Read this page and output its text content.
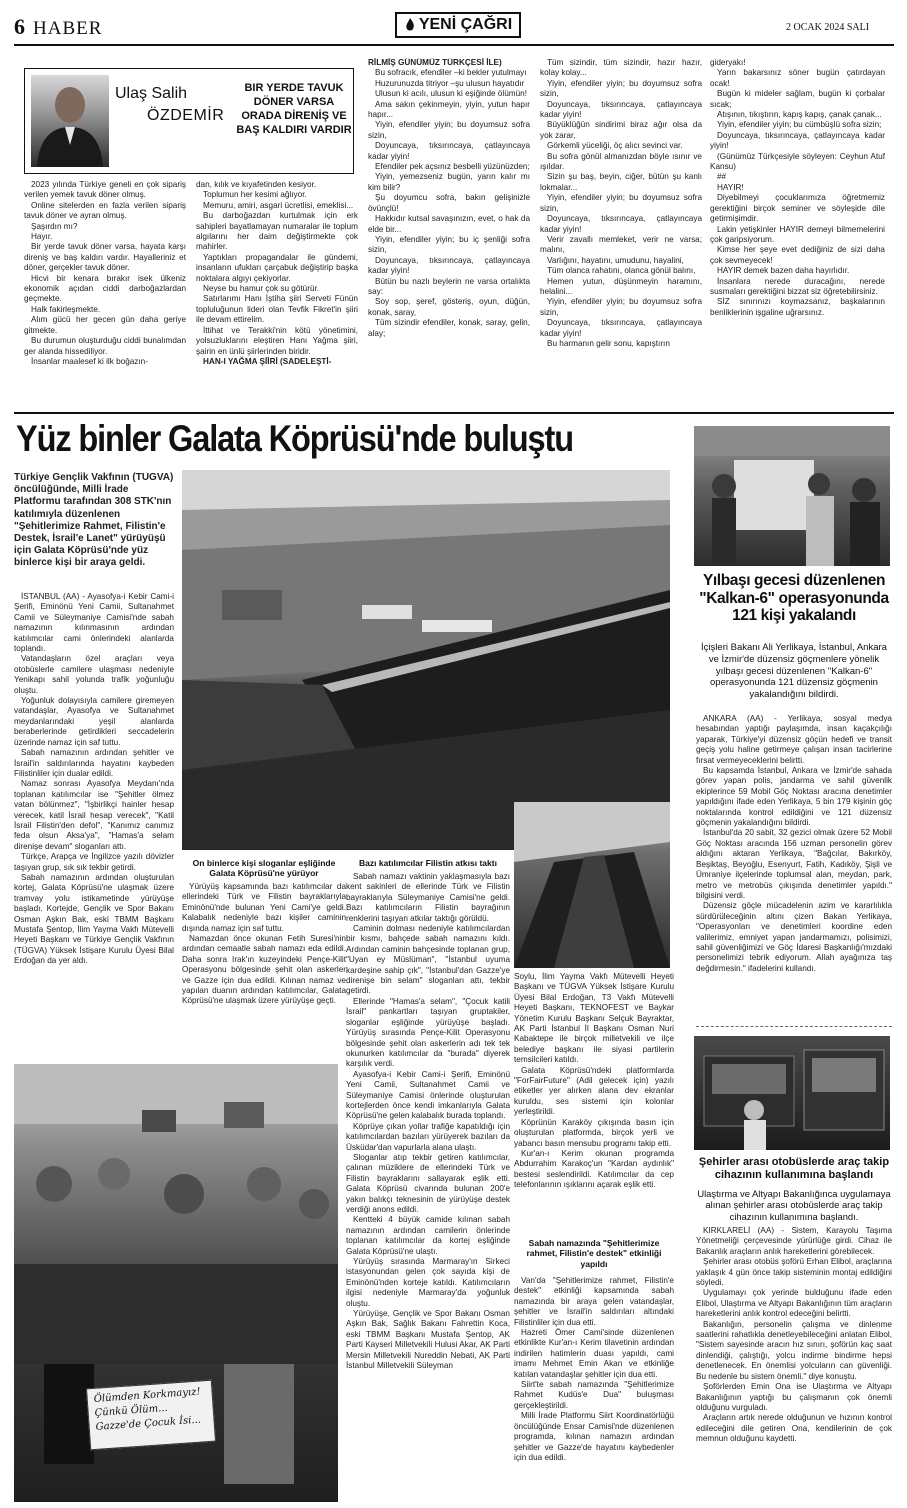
6 HABER	YENİ ÇAĞRI	2 OCAK 2024 SALI
Ulaş Salih
ÖZDEMİR
BIR YERDE TAVUK DÖNER VARSA ORADA DİRENİŞ VE BAŞ KALDIRI VARDIR

2023 yılında Türkiye geneli en çok sipariş verilen yemek tavuk döner olmuş.

Online sitelerden en fazla verilen sipariş tavuk döner ve ayran olmuş.

Şaşırdın mı?

Hayır.

Bir yerde tavuk döner varsa, hayata karşı direniş ve baş kaldırı vardır. Hayalleriniz et döner, gerçekler tavuk döner.

Hicvi bir kenara bırakır isek ülkeniz ekonomik açıdan ciddi darboğazlardan geçmekte.

Halk fakirleşmekte.

Alım gücü her gecen gün daha geriye gitmekte.

Bu durumun oluşturduğu ciddi bunalımdan ger alanda hissediliyor.

İnsanlar maalesef ki ilk boğazın-

dan, kılık ve kıyafetinden kesiyor.

Toplumun her kesimi ağlıyor.

Memuru, amiri, asgari ücretlisi, emeklisi...

Bu darboğazdan kurtulmak için erk sahipleri bayatlamayan numaralar ile toplum algılarını her daim değiştirmekte çok mahirler.

Yaptıkları propagandalar ile gündemi, insanların ufukları çarçabuk değiştirip başka noktalara algıyı çekiyorlar.

Neyse bu hamur çok su götürür.

Satırlarımı Hanı İştiha şiiri Serveti Fünün topluluğunun lideri olan Tevfik Fikret'in şiiri ile devam ettirelim.

İttihat ve Terakki'nin kötü yönetimini, yolsuzluklarını eleştiren Hanı Yağma şiiri, şairin en ünlü şiirlerinden biridir.

HAN-I YAĞMA ŞİİRİ (SADELEŞTİ-

RİLMİŞ GÜNÜMÜZ TÜRKÇESİ İLE)

Bu sofracık, efendiler –ki bekler yutulmayı

Huzurunuzda titriyor –şu ulusun hayatıdır

Ulusun ki acılı, ulusun ki eşiğinde ölümün!

Ama sakın çekinmeyin, yiyin, yutun hapır hapır...

Yiyin, efendiler yiyin; bu doyumsuz sofra sizin,

Doyuncaya, tıksırıncaya, çatlayıncaya kadar yiyin!

Efendiler pek açsınız besbelli yüzünüzden;

Yiyin, yemezseniz bugün, yarın kalır mı kim bilir?

Şu doyumcu sofra, bakın gelişinizle övünçlü!

Hakkıdır kutsal savaşınızın, evet, o hak da elde bir...

Yiyin, efendiler yiyin; bu iç şenliği sofra sizin,

Doyuncaya, tıksırıncaya, çatlayıncaya kadar yiyin!

Bütün bu nazlı beylerin ne varsa ortalıkta say:

Soy sop, şeref, gösteriş, oyun, düğün, konak, saray,

Tüm sizindir efendiler, konak, saray, gelin, alay;

Tüm sizindir, tüm sizindir, hazır hazır, kolay kolay...

Yiyin, efendiler yiyin; bu doyumsuz sofra sizin,

Doyuncaya, tıksırıncaya, çatlayıncaya kadar yiyin!

Büyüklüğün sindirimi biraz ağır olsa da yok zarar,

Görkemli yüceliği, öç alıcı sevinci var.

Bu sofra gönül almanızdan böyle ısınır ve ışıldar.

Sizin şu baş, beyin, ciğer, bütün şu kanlı lokmalar...

Yiyin, efendiler yiyin; bu doyumsuz sofra sizin,

Doyuncaya, tıksırıncaya, çatlayıncaya kadar yiyin!

Verir zavallı memleket, verir ne varsa; malını,

Varlığını, hayatını, umudunu, hayalini,

Tüm olanca rahatını, olanca gönül balını,

Hemen yutun, düşünmeyin haramını, helalini...

Yiyin, efendiler yiyin; bu doyumsuz sofra sizin,

Doyuncaya, tıksırıncaya, çatlayıncaya kadar yiyin!

Bu harmanın gelir sonu, kapıştırın

gideryakı!

Yarın bakarsınız söner bugün çatırdayan ocak!

Bugün ki mideler sağlam, bugün ki çorbalar sıcak;

Atışının, tıkıştırın, kapış kapış, çanak çanak...

Yiyin, efendiler yiyin; bu cümbüşlü sofra sizin;

Doyuncaya, tıksırıncaya, çatlayıncaya kadar yiyin!

(Günümüz Türkçesiyle söyleyen: Ceyhun Atuf Kansu)

##

HAYIR!

Diyebilmeyi çocuklarımıza öğretmemiz gerektiğini birçok seminer ve söyleşide dile getirmişimdir.

Lakin yetişkinler HAYIR demeyi bilmemelerini çok garipsiyorum.

Kimse her şeye evet dediğiniz de sizi daha çok sevmeyecek!

HAYIR demek bazen daha hayırlıdır.

İnsanlara nerede duracağını, nerede susmaları gerektiğini bizzat siz öğretebilirsiniz.

SİZ sınırınızı koymazsanız, başkalarının benliklerinin işgaline uğrarsınız.

Yüz binler Galata Köprüsü'nde buluştu
Türkiye Gençlik Vakfının (TÜGVA) öncülüğünde, Milli İrade Platformu tarafından 308 STK'nın katılımıyla düzenlenen "Şehitlerimize Rahmet, Filistin'e Destek, İsrail'e Lanet" yürüyüşü için Galata Köprüsü'nde yüz binlerce kişi bir araya geldi.

İSTANBUL (AA) - Ayasofya-i Kebir Cami-i Şerifi, Eminönü Yeni Camii, Sultanahmet Camii ve Süleymaniye Camisi'nde sabah namazının kılınmasının ardından katılımcılar cami önlerindeki alanlarda toplandı.

Vatandaşların özel araçları veya otobüslerle camilere ulaşması nedeniyle Yenikapı sahil yolunda trafik yoğunluğu oluştu.

Yoğunluk dolayısıyla camilere giremeyen vatandaşlar, Ayasofya ve Sultanahmet meydanlarındaki yeşil alanlarda beraberlerinde getirdikleri seccadelerin üzerinde namaz için saf tuttu.

Sabah namazının ardından şehitler ve İsrail'in saldırılarında hayatını kaybeden Filistinliler için dualar edildi.

Namaz sonrası Ayasofya Meydanı'nda toplanan katılımcılar ise "Şehitler ölmez vatan bölünmez", "İşbirlikçi hainler hesap verecek, katil İsrail hesap verecek", "Katil İsrail Filistin'den defol", "Kanımız canımız feda olsun Aksa'ya", "Hamas'a selam direnişe devam" sloganları attı.

Türkçe, Arapça ve İngilizce yazılı dövizler taşıyan grup, sık sık tekbir getirdi.

Sabah namazının ardından oluşturulan kortej, Galata Köprüsü'ne ulaşmak üzere tramvay yolu istikametinde yürüyüşe başladı. Kortejde, Gençlik ve Spor Bakanı Osman Aşkın Bak, eski TBMM Başkanı Mustafa Şentop, İlim Yayma Vakfı Mütevelli Heyeti Başkanı ve Türkiye Gençlik Vakfının (TÜGVA) Yüksek İstişare Kurulu Üyesi Bilal Erdoğan da yer aldı.

On binlerce kişi sloganlar eşliğinde Galata Köprüsü'ne yürüyor

Yürüyüş kapsamında bazı katılımcılar da ellerindeki Türk ve Filistin bayraklarıyla Eminönü'nde bulunan Yeni Cami'ye geldi. Kalabalık nedeniyle bazı kişiler caminin dışında namaz için saf tuttu.

Namazdan önce okunan Fetih Suresi'nin ardından cemaatle sabah namazı eda edildi. Daha sonra Irak'ın kuzeyindeki Pençe-Kilit Operasyonu bölgesinde şehit olan askerler ve Gazze için dua edildi. Kılınan namaz ve yapılan duanın ardından katılımcılar, Galata Köprüsü'ne ulaşmak üzere yürüyüşe geçti.

Bazı katılımcılar Filistin atkısı taktı

Sabah namazı vaktinin yaklaşmasıyla bazı kent sakinleri de ellerinde Türk ve Filistin bayraklarıyla Süleymaniye Camisi'ne geldi. Bazı katılımcıların Filistin bayrağının renklerini taşıyan atkılar taktığı görüldü.

Caminin dolması nedeniyle katılımcılardan bir kısmı, bahçede sabah namazını kıldı. Ardından caminin bahçesinde toplanan grup, "Uyan ey Müslüman", "İstanbul uyuma kardeşine sahip çık", "İstanbul'dan Gazze'ye direnişe bin selam" sloganları attı, tekbir getirdi.

Ellerinde "Hamas'a selam", "Çocuk katili İsrail" pankartları taşıyan gruptakiler, sloganlar eşliğinde yürüyüşe başladı. Yürüyüş sırasında Pençe-Kilit Operasyonu bölgesinde şehit olan askerlerin adı tek tek okunurken katılımcılar da "burada" diyerek karşılık verdi.

Ayasofya-i Kebir Cami-i Şerifi, Eminönü Yeni Camii, Sultanahmet Camii ve Süleymaniye Camisi önlerinde oluşturulan kortejlerden önce kendi imkanlarıyla Galata Köprüsü'ne gelen kalabalık burada toplandı.

Köprüye çıkan yollar trafiğe kapatıldığı için katılımcılardan bazıları yürüyerek bazıları da Üsküdar'dan vapurlarla alana ulaştı.

Sloganlar atıp tekbir getiren katılımcılar, çalınan müziklere de ellerindeki Türk ve Filistin bayraklarını sallayarak eşlik etti. Galata Köprüsü civarında bulunan 200'e yakın balıkçı teknesinin de yürüyüşe destek verdiği anons edildi.

Kentteki 4 büyük camide kılınan sabah namazının ardından camilerin önlerinde toplanan katılımcılar da kortej eşliğinde Galata Köprüsü'ne ulaştı.

Yürüyüş sırasında Marmaray'ın Sirkeci istasyonundan gelen çok sayıda kişi de Eminönü'nden korteje katıldı. Katılımcıların ilgisi nedeniyle Marmaray'da yoğunluk oluştu.

Yürüyüşe, Gençlik ve Spor Bakanı Osman Aşkın Bak, Sağlık Bakanı Fahrettin Koca, eski TBMM Başkanı Mustafa Şentop, AK Parti Kayseri Milletvekili Hulusi Akar, AK Parti Mersin Milletvekili Nureddin Nebati, AK Parti İstanbul Milletvekili Süleyman

Soylu, İlim Yayma Vakfı Mütevelli Heyeti Başkanı ve TÜGVA Yüksek İstişare Kurulu Üyesi Bilal Erdoğan, T3 Vakfı Mütevelli Heyeti Başkanı, TEKNOFEST ve Baykar Yönetim Kurulu Başkanı Selçuk Bayraktar, AK Parti İstanbul İl Başkanı Osman Nuri Kabaktepe ile birçok milletvekili ve ilçe belediye başkanı ile siyasi partilerin temsilcileri katıldı.

Galata Köprüsü'ndeki platformlarda "ForFairFuture" (Adil gelecek için) yazılı etiketler yer alırken alana dev ekranlar kuruldu, ses sistemi için kolonlar yerleştirildi.

Köprünün Karaköy çıkışında basın için oluşturulan platformda, birçok yerli ve yabancı basın mensubu programı takip etti.

Kur'an-ı Kerim okunan programda Abdurrahim Karakoç'un "Kardan aydınlık" bestesi seslendirildi. Katılımcılar da cep telefonlarının ışıklarını açarak eşlik etti.

Sabah namazında "Şehitlerimize rahmet, Filistin'e destek" etkinliği yapıldı

Van'da "Şehitlerimize rahmet, Filistin'e destek" etkinliği kapsamında sabah namazında bir araya gelen vatandaşlar, şehitler ve İsrail'in saldırıları altındaki Filistinliler için dua etti.

Hazreti Ömer Cami'sinde düzenlenen etkinlikte Kur'an-ı Kerim tilavetinin ardından indirilen hatimlerin duası yapıldı, cami imamı Mehmet Emin Akan ve etkinliğe katılan vatandaşlar şehitler için dua etti.

Siirt'te sabah namazında "Şehitlerimize Rahmet Kudüs'e Dua" buluşması gerçekleştirildi.

Milli İrade Platformu Siirt Koordinatörlüğü öncülüğünde Ensar Camisi'nde düzenlenen programda, kılınan namazın ardından şehitler ve Gazze'de hayatını kaybedenler için dua edildi.

Ölümden Korkmayız!
Çünkü Ölüm...
Gazze'de Çocuk İsi...
Yılbaşı gecesi düzenlenen "Kalkan-6" operasyonunda 121 kişi yakalandı
İçişleri Bakanı Ali Yerlikaya, İstanbul, Ankara ve İzmir'de düzensiz göçmenlere yönelik yılbaşı gecesi düzenlenen "Kalkan-6" operasyonunda 121 düzensiz göçmenin yakalandığını bildirdi.

ANKARA (AA) - Yerlikaya, sosyal medya hesabından yaptığı paylaşımda, insan kaçakçılığı yaparak, Türkiye'yi düzensiz göçün hedefi ve transit geçiş yolu haline getirmeye çalışan insan tacirlerine fırsat vermeyeceklerini belirtti.

Bu kapsamda İstanbul, Ankara ve İzmir'de sahada görev yapan polis, jandarma ve sahil güvenlik ekiplerince 59 Mobil Göç Noktası aracına denetimler yapıldığını ifade eden Yerlikaya, 5 bin 179 kişinin göç noktalarında kontrol edildiğini ve 121 düzensiz göçmenin yakalandığını bildirdi.

İstanbul'da 20 sabit, 32 gezici olmak üzere 52 Mobil Göç Noktası aracında 156 uzman personelin görev aldığını aktaran Yerlikaya, "Bağcılar, Bakırköy, Beşiktaş, Beyoğlu, Esenyurt, Fatih, Kadıköy, Şişli ve Ümraniye ilçelerinde toplumsal alan, meydan, park, metro ve metrobüs çıkışında denetimler yapıldı." bilgisini verdi.

Düzensiz göçle mücadelenin azim ve kararlılıkla sürdürüleceğinin altını çizen Bakan Yerlikaya, "Operasyonları ve denetimleri koordine eden valilerimiz, emniyet yapan jandarmamızı, polisimizi, sahil güvenliğimizi ve Göç İdaresi Başkanlığı'mızdaki personelimizi tebrik ediyorum. Allah ayağınıza taş değdirmesin." ifadelerini kullandı.

Şehirler arası otobüslerde araç takip cihazının kullanımına başlandı
Ulaştırma ve Altyapı Bakanlığınca uygulamaya alınan şehirler arası otobüslerde araç takip cihazının kullanımına başlandı.

KIRKLARELİ (AA) - Sistem, Karayolu Taşıma Yönetmeliği çerçevesinde yürürlüğe girdi. Cihaz ile Bakanlık araçların anlık hareketlerini görebilecek.

Şehirler arası otobüs şoförü Erhan Elibol, araçlarına yaklaşık 4 gün önce takip sisteminin montaj edildiğini söyledi.

Uygulamayı çok yerinde bulduğunu ifade eden Elibol, Ulaştırma ve Altyapı Bakanlığının tüm araçların hareketlerini anlık kontrol edeceğini belirtti.

Bakanlığın, personelin çalışma ve dinlenme saatlerini rahatlıkla denetleyebileceğini anlatan Elibol, "Sistem sayesinde aracın hız sınırı, şoförün kaç saat dinlendiği, çalıştığı, yolcu indirme bindirme hepsi denetlenecek. En önemlisi yolcuların can güvenliği. Bu nedenle bu sistem önemli." diye konuştu.

Şoförlerden Emin Ona ise Ulaştırma ve Altyapı Bakanlığının yaptığı bu çalışmanın çok önemli olduğunu vurguladı.

Araçların artık nerede olduğunun ve hızının kontrol edileceğini dile getiren Ona, kendilerinin de çok memnun olduğunu kaydetti.
